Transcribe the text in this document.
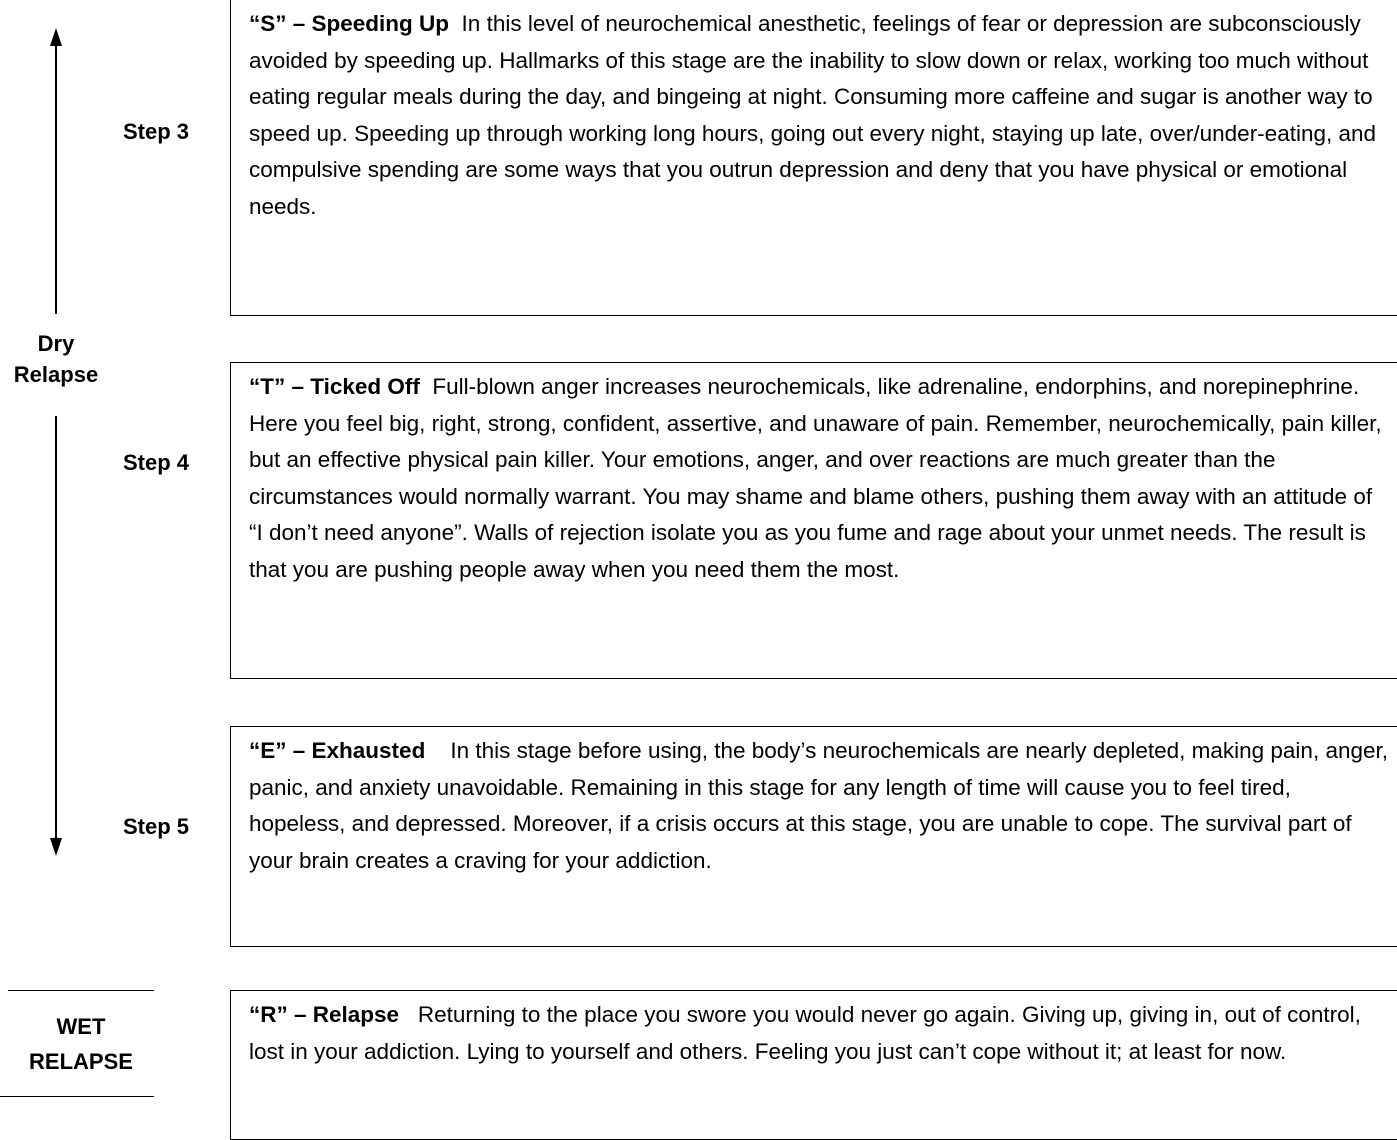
Dry
Relapse
Step 3
Step 4
Step 5
WET
RELAPSE
“S” – Speeding Up In this level of neurochemical anesthetic, feelings of fear or depression are subconsciously avoided by speeding up. Hallmarks of this stage are the inability to slow down or relax, working too much without eating regular meals during the day, and bingeing at night. Consuming more caffeine and sugar is another way to speed up. Speeding up through working long hours, going out every night, staying up late, over/under-eating, and compulsive spending are some ways that you outrun depression and deny that you have physical or emotional needs.
“T” – Ticked Off Full-blown anger increases neurochemicals, like adrenaline, endorphins, and norepinephrine. Here you feel big, right, strong, confident, assertive, and unaware of pain. Remember, neurochemically, pain killer, but an effective physical pain killer. Your emotions, anger, and over reactions are much greater than the circumstances would normally warrant. You may shame and blame others, pushing them away with an attitude of “I don’t need anyone”. Walls of rejection isolate you as you fume and rage about your unmet needs. The result is that you are pushing people away when you need them the most.
“E” – Exhausted In this stage before using, the body’s neurochemicals are nearly depleted, making pain, anger, panic, and anxiety unavoidable. Remaining in this stage for any length of time will cause you to feel tired, hopeless, and depressed. Moreover, if a crisis occurs at this stage, you are unable to cope. The survival part of your brain creates a craving for your addiction.
“R” – Relapse Returning to the place you swore you would never go again. Giving up, giving in, out of control, lost in your addiction. Lying to yourself and others. Feeling you just can’t cope without it; at least for now.
